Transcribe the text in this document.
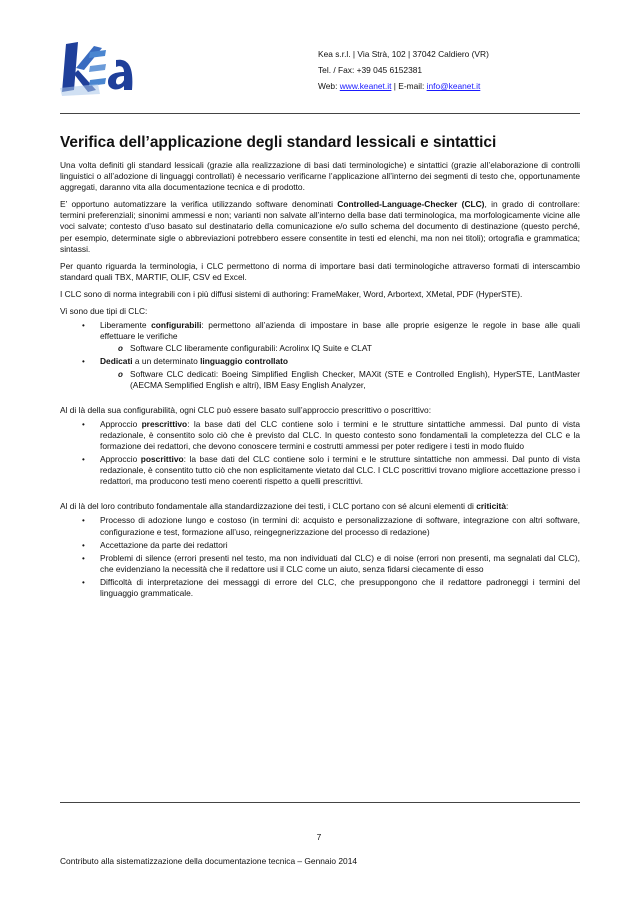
Kea s.r.l. | Via Strà, 102 | 37042 Caldiero (VR)
Tel. / Fax: +39 045 6152381
Web: www.keanet.it | E-mail: info@keanet.it
Verifica dell’applicazione degli standard lessicali e sintattici

Una volta definiti gli standard lessicali (grazie alla realizzazione di basi dati terminologiche) e sintattici (grazie all’elaborazione di controlli linguistici o all’adozione di linguaggi controllati) è necessario verificarne l’applicazione all’interno dei segmenti di testo che, opportunamente aggregati, daranno vita alla documentazione tecnica e di prodotto.

E’ opportuno automatizzare la verifica utilizzando software denominati Controlled-Language-Checker (CLC), in grado di controllare: termini preferenziali; sinonimi ammessi e non; varianti non salvate all’interno della base dati terminologica, ma morfologicamente vicine alle voci salvate; contesto d’uso basato sul destinatario della comunicazione e/o sullo schema del documento di destinazione (questo perché, per esempio, determinate sigle o abbreviazioni potrebbero essere consentite in testi ed elenchi, ma non nei titoli); ortografia e grammatica; sintassi.

Per quanto riguarda la terminologia, i CLC permettono di norma di importare basi dati terminologiche attraverso formati di interscambio standard quali TBX, MARTIF, OLIF, CSV ed Excel.

I CLC sono di norma integrabili con i più diffusi sistemi di authoring: FrameMaker, Word, Arbortext, XMetal, PDF (HyperSTE).

Vi sono due tipi di CLC:

• Liberamente configurabili: permettono all’azienda di impostare in base alle proprie esigenze le regole in base alle quali effettuare le verifiche
o Software CLC liberamente configurabili: Acrolinx IQ Suite e CLAT
• Dedicati a un determinato linguaggio controllato
o Software CLC dedicati: Boeing Simplified English Checker, MAXit (STE e Controlled English), HyperSTE, LantMaster (AECMA Semplified English e altri), IBM Easy English Analyzer,

Al di là della sua configurabilità, ogni CLC può essere basato sull’approccio prescrittivo o poscrittivo:

• Approccio prescrittivo: la base dati del CLC contiene solo i termini e le strutture sintattiche ammessi. Dal punto di vista redazionale, è consentito solo ciò che è previsto dal CLC. In questo contesto sono fondamentali la completezza del CLC e la formazione dei redattori, che devono conoscere termini e costrutti ammessi per poter redigere i testi in modo fluido
• Approccio poscrittivo: la base dati del CLC contiene solo i termini e le strutture sintattiche non ammessi. Dal punto di vista redazionale, è consentito tutto ciò che non esplicitamente vietato dal CLC. I CLC poscrittivi trovano migliore accettazione presso i redattori, ma producono testi meno coerenti rispetto a quelli prescrittivi.

Al di là del loro contributo fondamentale alla standardizzazione dei testi, i CLC portano con sé alcuni elementi di criticità:

• Processo di adozione lungo e costoso (in termini di: acquisto e personalizzazione di software, integrazione con altri software, configurazione e test, formazione all’uso, reingegnerizzazione del processo di redazione)
• Accettazione da parte dei redattori
• Problemi di silence (errori presenti nel testo, ma non individuati dal CLC) e di noise (errori non presenti, ma segnalati dal CLC), che evidenziano la necessità che il redattore usi il CLC come un aiuto, senza fidarsi ciecamente di esso
• Difficoltà di interpretazione dei messaggi di errore del CLC, che presuppongono che il redattore padroneggi i termini del linguaggio grammaticale.
7
Contributo alla sistematizzazione della documentazione tecnica – Gennaio 2014
